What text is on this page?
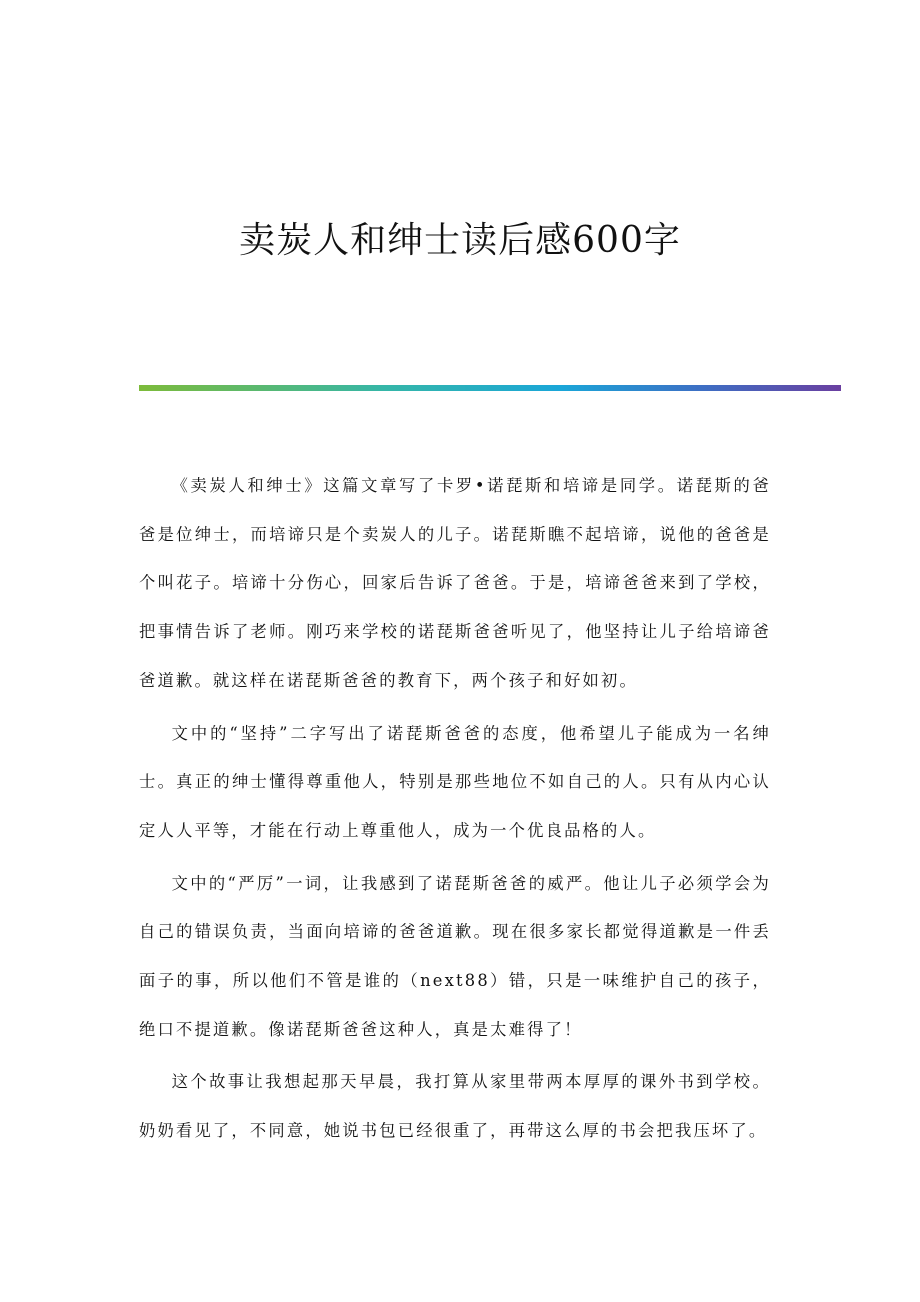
卖炭人和绅士读后感600字

《卖炭人和绅士》这篇文章写了卡罗•诺琵斯和培谛是同学。诺琵斯的爸爸是位绅士，而培谛只是个卖炭人的儿子。诺琵斯瞧不起培谛，说他的爸爸是个叫花子。培谛十分伤心，回家后告诉了爸爸。于是，培谛爸爸来到了学校，把事情告诉了老师。刚巧来学校的诺琵斯爸爸听见了，他坚持让儿子给培谛爸爸道歉。就这样在诺琵斯爸爸的教育下，两个孩子和好如初。

文中的“坚持”二字写出了诺琵斯爸爸的态度，他希望儿子能成为一名绅士。真正的绅士懂得尊重他人，特别是那些地位不如自己的人。只有从内心认定人人平等，才能在行动上尊重他人，成为一个优良品格的人。

文中的“严厉”一词，让我感到了诺琵斯爸爸的威严。他让儿子必须学会为自己的错误负责，当面向培谛的爸爸道歉。现在很多家长都觉得道歉是一件丢面子的事，所以他们不管是谁的（next88）错，只是一味维护自己的孩子，绝口不提道歉。像诺琵斯爸爸这种人，真是太难得了！

这个故事让我想起那天早晨，我打算从家里带两本厚厚的课外书到学校。奶奶看见了，不同意，她说书包已经很重了，再带这么厚的书会把我压坏了。
